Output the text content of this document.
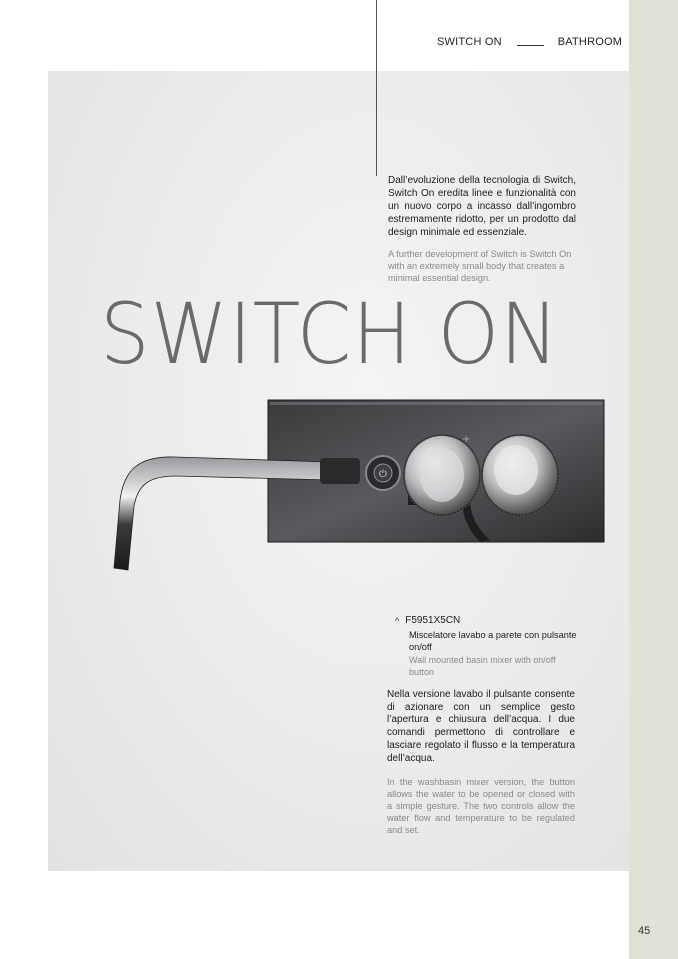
SWITCH ON	BATHROOM
Dall’evoluzione della tecnologia di Switch, Switch On eredita linee e funzionalità con un nuovo corpo a incasso dall’ingombro estremamente ridotto, per un prodotto dal design minimale ed essenziale.
A further development of Switch is Switch On with an extremely small body that creates a minimal essential design.
SWITCH ON
⏻
− +
^ F5951X5CN
Miscelatore lavabo a parete con pulsante on/off
Wall mounted basin mixer with on/off button
Nella versione lavabo il pulsante consente di azionare con un semplice gesto l’apertura e chiusura dell’acqua. I due comandi permettono di controllare e lasciare regolato il flusso e la temperatura dell’acqua.
In the washbasin mixer version, the button allows the water to be opened or closed with a simple gesture. The two controls allow the water flow and temperature to be regulated and set.
45
